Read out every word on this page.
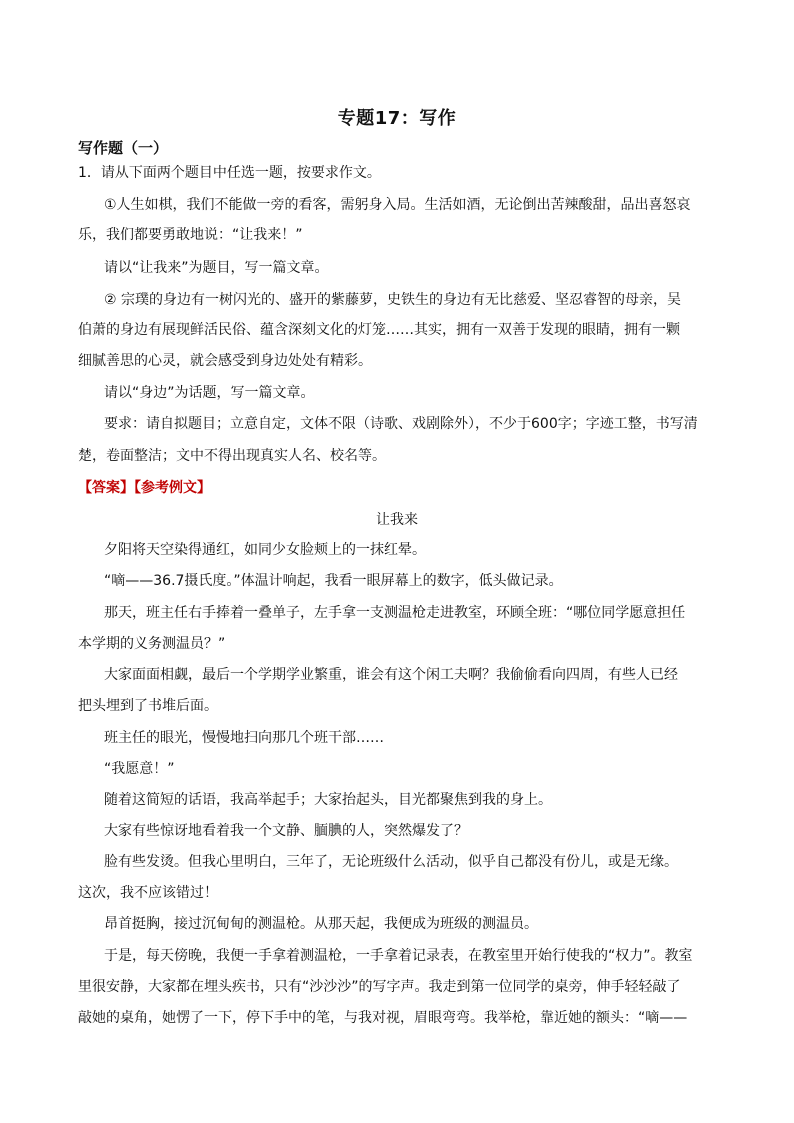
专题17：写作
写作题（一）
1．请从下面两个题目中任选一题，按要求作文。
①人生如棋，我们不能做一旁的看客，需躬身入局。生活如酒，无论倒出苦辣酸甜，品出喜怒哀
乐，我们都要勇敢地说：“让我来！”
请以“让我来”为题目，写一篇文章。
② 宗璞的身边有一树闪光的、盛开的紫藤萝，史铁生的身边有无比慈爱、坚忍睿智的母亲，吴
伯萧的身边有展现鲜活民俗、蕴含深刻文化的灯笼……其实，拥有一双善于发现的眼睛，拥有一颗
细腻善思的心灵，就会感受到身边处处有精彩。
请以“身边”为话题，写一篇文章。
要求：请自拟题目；立意自定，文体不限（诗歌、戏剧除外），不少于600字；字迹工整，书写清
楚，卷面整洁；文中不得出现真实人名、校名等。
【答案】【参考例文】
让我来
夕阳将天空染得通红，如同少女脸颊上的一抹红晕。
“嘀——36.7摄氏度。”体温计响起，我看一眼屏幕上的数字，低头做记录。
那天，班主任右手捧着一叠单子，左手拿一支测温枪走进教室，环顾全班：“哪位同学愿意担任
本学期的义务测温员？”
大家面面相觑，最后一个学期学业繁重，谁会有这个闲工夫啊？我偷偷看向四周，有些人已经
把头埋到了书堆后面。
班主任的眼光，慢慢地扫向那几个班干部……
“我愿意！”
随着这简短的话语，我高举起手；大家抬起头，目光都聚焦到我的身上。
大家有些惊讶地看着我一个文静、腼腆的人，突然爆发了？
脸有些发烫。但我心里明白，三年了，无论班级什么活动，似乎自己都没有份儿，或是无缘。
这次，我不应该错过！
昂首挺胸，接过沉甸甸的测温枪。从那天起，我便成为班级的测温员。
于是，每天傍晚，我便一手拿着测温枪，一手拿着记录表，在教室里开始行使我的“权力”。教室
里很安静，大家都在埋头疾书，只有“沙沙沙”的写字声。我走到第一位同学的桌旁，伸手轻轻敲了
敲她的桌角，她愣了一下，停下手中的笔，与我对视，眉眼弯弯。我举枪，靠近她的额头：“嘀——
